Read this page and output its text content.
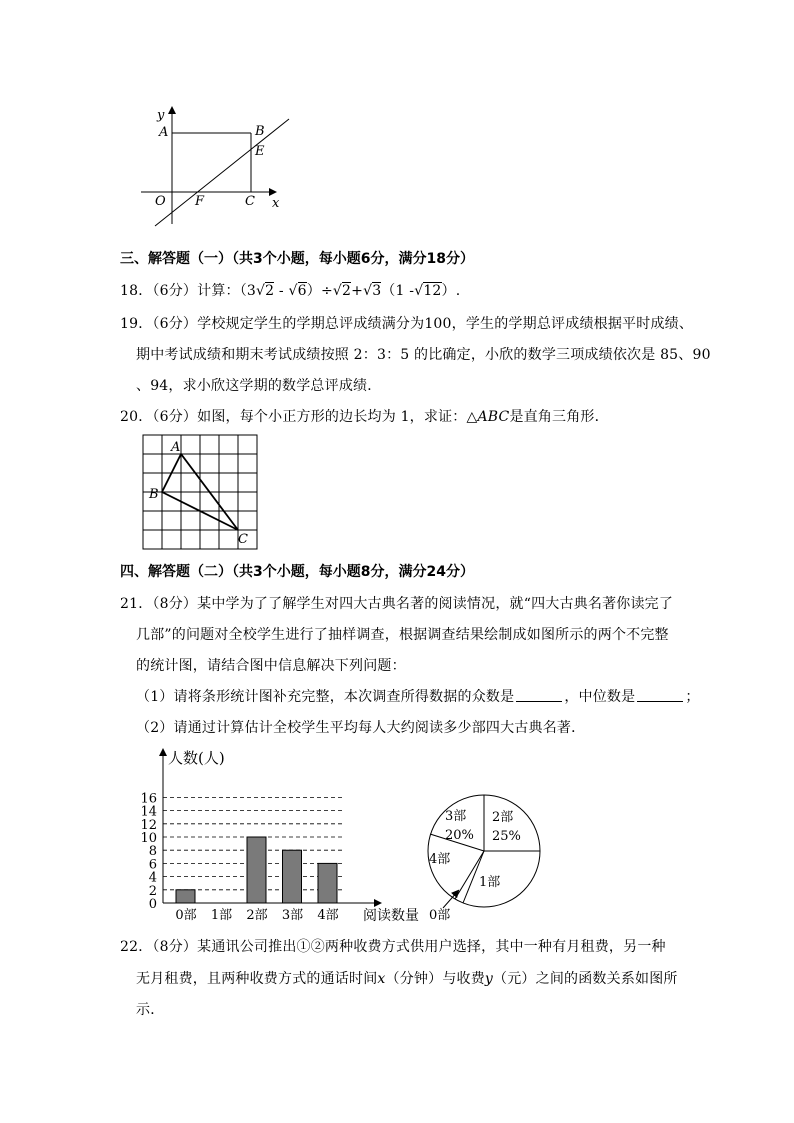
y
A	B
E
O F	C x
三、解答题（一）（共3个小题，每小题6分，满分18分）
18．（6分）计算：（3√2 - √6）÷√2+√3（1 -√12）.
19．（6分）学校规定学生的学期总评成绩满分为100，学生的学期总评成绩根据平时成绩、
期中考试成绩和期末考试成绩按照 2：3：5 的比确定，小欣的数学三项成绩依次是 85、90
、94，求小欣这学期的数学总评成绩．
20．（6分）如图，每个小正方形的边长均为 1，求证：△ABC是直角三角形．
A
B
C
四、解答题（二）（共3个小题，每小题8分，满分24分）
21．（8分）某中学为了了解学生对四大古典名著的阅读情况，就“四大古典名著你读完了
几部”的问题对全校学生进行了抽样调查，根据调查结果绘制成如图所示的两个不完整
的统计图，请结合图中信息解决下列问题：
（1）请将条形统计图补充完整，本次调查所得数据的众数是	，中位数是	；
（2）请通过计算估计全校学生平均每人大约阅读多少部四大古典名著．
0
2
4
6
8
10
12
14
16
0部 1部 2部 3部 4部
人数(人)
阅读数量
2部
25%
3部
20%
4部
1部
0部
22．（8分）某通讯公司推出①②两种收费方式供用户选择，其中一种有月租费，另一种
无月租费，且两种收费方式的通话时间x（分钟）与收费y（元）之间的函数关系如图所
示．
